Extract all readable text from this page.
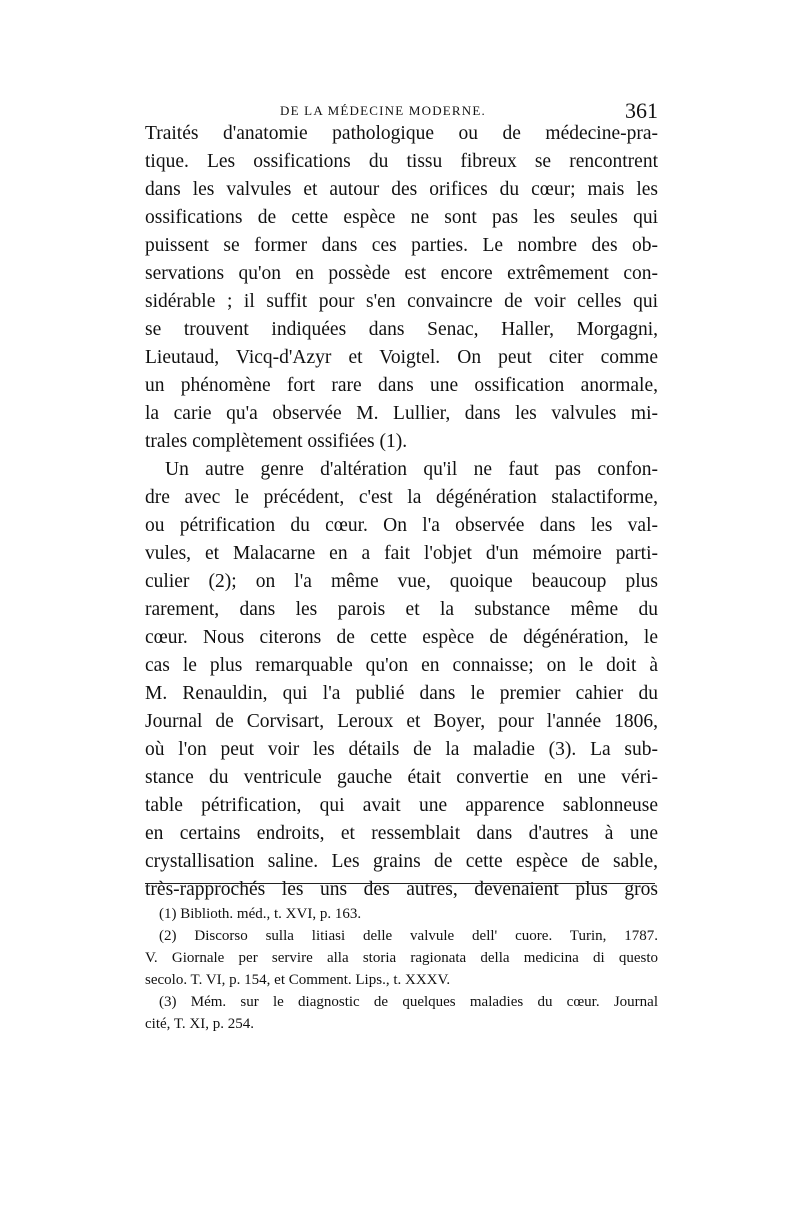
DE LA MÉDECINE MODERNE.	361
Traités d'anatomie pathologique ou de médecine-pra-
tique. Les ossifications du tissu fibreux se rencontrent
dans les valvules et autour des orifices du cœur; mais les
ossifications de cette espèce ne sont pas les seules qui
puissent se former dans ces parties. Le nombre des ob-
servations qu'on en possède est encore extrêmement con-
sidérable ; il suffit pour s'en convaincre de voir celles qui
se trouvent indiquées dans Senac, Haller, Morgagni,
Lieutaud, Vicq-d'Azyr et Voigtel. On peut citer comme
un phénomène fort rare dans une ossification anormale,
la carie qu'a observée M. Lullier, dans les valvules mi-
trales complètement ossifiées (1).
Un autre genre d'altération qu'il ne faut pas confon-
dre avec le précédent, c'est la dégénération stalactiforme,
ou pétrification du cœur. On l'a observée dans les val-
vules, et Malacarne en a fait l'objet d'un mémoire parti-
culier (2); on l'a même vue, quoique beaucoup plus
rarement, dans les parois et la substance même du
cœur. Nous citerons de cette espèce de dégénération, le
cas le plus remarquable qu'on en connaisse; on le doit à
M. Renauldin, qui l'a publié dans le premier cahier du
Journal de Corvisart, Leroux et Boyer, pour l'année 1806,
où l'on peut voir les détails de la maladie (3). La sub-
stance du ventricule gauche était convertie en une véri-
table pétrification, qui avait une apparence sablonneuse
en certains endroits, et ressemblait dans d'autres à une
crystallisation saline. Les grains de cette espèce de sable,
très-rapprochés les uns des autres, devenaient plus gros
(1) Biblioth. méd., t. XVI, p. 163.
(2) Discorso sulla litiasi delle valvule dell' cuore. Turin, 1787.
V. Giornale per servire alla storia ragionata della medicina di questo
secolo. T. VI, p. 154, et Comment. Lips., t. XXXV.
(3) Mém. sur le diagnostic de quelques maladies du cœur. Journal
cité, T. XI, p. 254.
